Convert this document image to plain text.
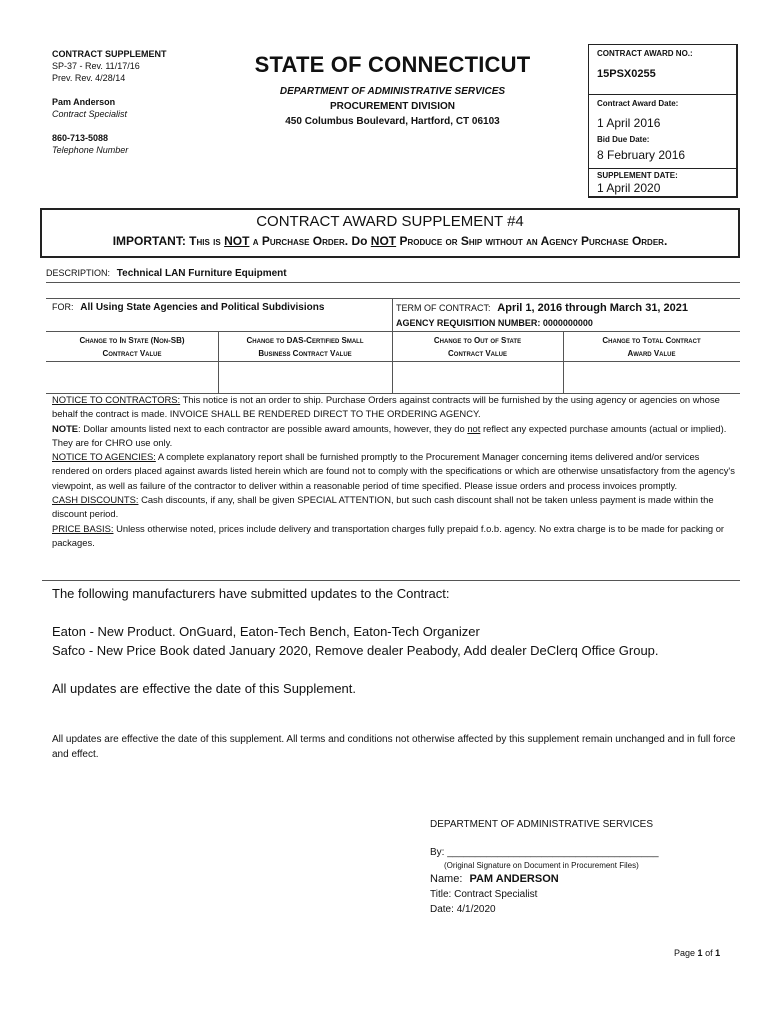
CONTRACT SUPPLEMENT
SP-37 - Rev. 11/17/16
Prev. Rev. 4/28/14
Pam Anderson
Contract Specialist
860-713-5088
Telephone Number
STATE OF CONNECTICUT
DEPARTMENT OF ADMINISTRATIVE SERVICES
PROCUREMENT DIVISION
450 Columbus Boulevard, Hartford, CT 06103
CONTRACT AWARD NO.:
15PSX0255
Contract Award Date:
1 April 2016
Bid Due Date:
8 February 2016
SUPPLEMENT DATE:
1 April 2020
CONTRACT AWARD SUPPLEMENT #4
IMPORTANT: This is NOT a Purchase Order. Do NOT Produce or Ship without an Agency Purchase Order.
DESCRIPTION: Technical LAN Furniture Equipment
FOR: All Using State Agencies and Political Subdivisions	TERM OF CONTRACT: April 1, 2016 through March 31, 2021
AGENCY REQUISITION NUMBER: 0000000000
Change to In State (Non-SB)
Contract Value
Change to DAS-Certified Small
Business Contract Value
Change to Out of State
Contract Value
Change to Total Contract
Award Value
NOTICE TO CONTRACTORS: This notice is not an order to ship. Purchase Orders against contracts will be furnished by the using agency or agencies on whose behalf the contract is made. INVOICE SHALL BE RENDERED DIRECT TO THE ORDERING AGENCY.
NOTE: Dollar amounts listed next to each contractor are possible award amounts, however, they do not reflect any expected purchase amounts (actual or implied). They are for CHRO use only.
NOTICE TO AGENCIES: A complete explanatory report shall be furnished promptly to the Procurement Manager concerning items delivered and/or services rendered on orders placed against awards listed herein which are found not to comply with the specifications or which are otherwise unsatisfactory from the agency's viewpoint, as well as failure of the contractor to deliver within a reasonable period of time specified. Please issue orders and process invoices promptly.
CASH DISCOUNTS: Cash discounts, if any, shall be given SPECIAL ATTENTION, but such cash discount shall not be taken unless payment is made within the discount period.
PRICE BASIS: Unless otherwise noted, prices include delivery and transportation charges fully prepaid f.o.b. agency. No extra charge is to be made for packing or packages.

The following manufacturers have submitted updates to the Contract:

Eaton - New Product. OnGuard, Eaton-Tech Bench, Eaton-Tech Organizer

Safco - New Price Book dated January 2020, Remove dealer Peabody, Add dealer DeClerq Office Group.

All updates are effective the date of this Supplement.

All updates are effective the date of this supplement. All terms and conditions not otherwise affected by this supplement remain unchanged and in full force and effect.
DEPARTMENT OF ADMINISTRATIVE SERVICES
By: ______________________________________
(Original Signature on Document in Procurement Files)
Name: PAM ANDERSON
Title: Contract Specialist
Date: 4/1/2020
Page 1 of 1
